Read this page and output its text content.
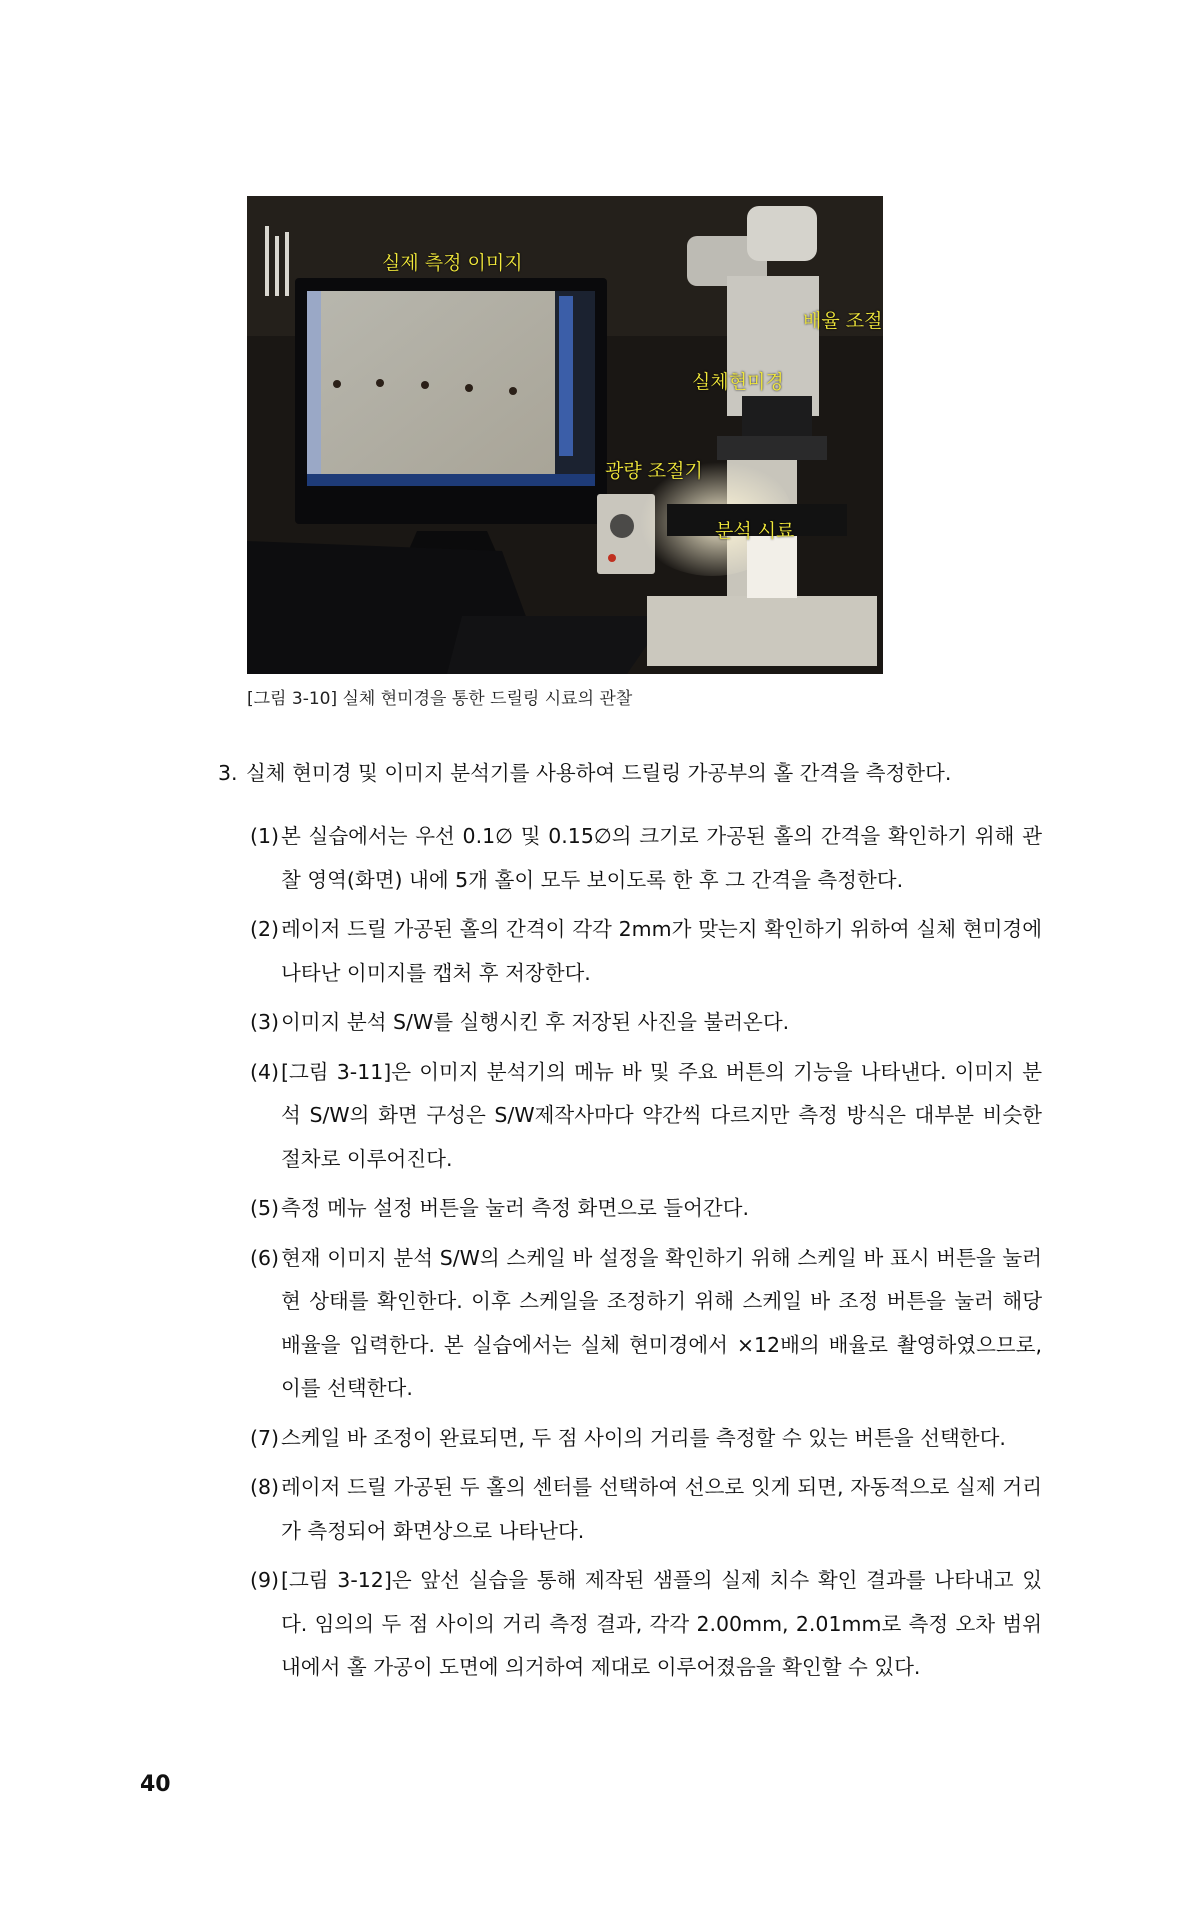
실제 측정 이미지
배율 조절
실체현미경
광량 조절기
분석 시료
[그림 3-10] 실체 현미경을 통한 드릴링 시료의 관찰
3. 실체 현미경 및 이미지 분석기를 사용하여 드릴링 가공부의 홀 간격을 측정한다.
(1) 본 실습에서는 우선 0.1∅ 및 0.15∅의 크기로 가공된 홀의 간격을 확인하기 위해 관찰 영역(화면) 내에 5개 홀이 모두 보이도록 한 후 그 간격을 측정한다.
(2) 레이저 드릴 가공된 홀의 간격이 각각 2mm가 맞는지 확인하기 위하여 실체 현미경에 나타난 이미지를 캡처 후 저장한다.
(3) 이미지 분석 S/W를 실행시킨 후 저장된 사진을 불러온다.
(4) [그림 3-11]은 이미지 분석기의 메뉴 바 및 주요 버튼의 기능을 나타낸다. 이미지 분석 S/W의 화면 구성은 S/W제작사마다 약간씩 다르지만 측정 방식은 대부분 비슷한 절차로 이루어진다.
(5) 측정 메뉴 설정 버튼을 눌러 측정 화면으로 들어간다.
(6) 현재 이미지 분석 S/W의 스케일 바 설정을 확인하기 위해 스케일 바 표시 버튼을 눌러 현 상태를 확인한다. 이후 스케일을 조정하기 위해 스케일 바 조정 버튼을 눌러 해당 배율을 입력한다. 본 실습에서는 실체 현미경에서 ×12배의 배율로 촬영하였으므로, 이를 선택한다.
(7) 스케일 바 조정이 완료되면, 두 점 사이의 거리를 측정할 수 있는 버튼을 선택한다.
(8) 레이저 드릴 가공된 두 홀의 센터를 선택하여 선으로 잇게 되면, 자동적으로 실제 거리가 측정되어 화면상으로 나타난다.
(9) [그림 3-12]은 앞선 실습을 통해 제작된 샘플의 실제 치수 확인 결과를 나타내고 있다. 임의의 두 점 사이의 거리 측정 결과, 각각 2.00mm, 2.01mm로 측정 오차 범위 내에서 홀 가공이 도면에 의거하여 제대로 이루어졌음을 확인할 수 있다.
40
